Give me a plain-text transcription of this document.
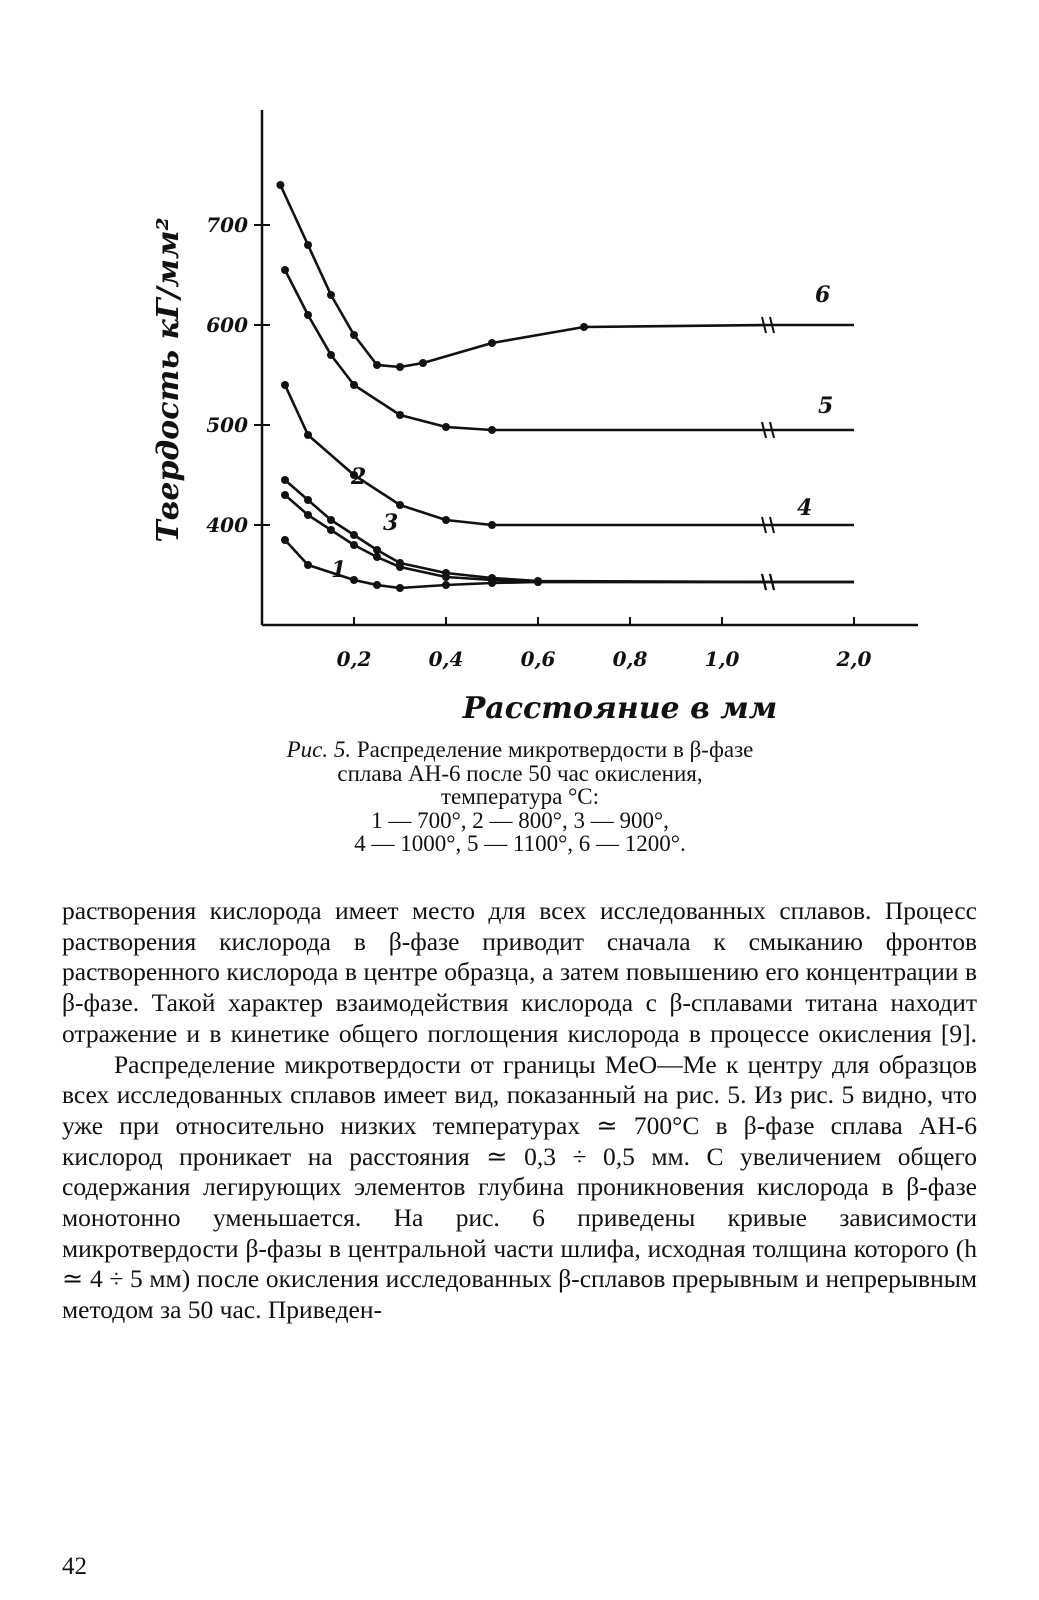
400
500
600
700
0,2	0,4	0,6	0,8	1,0	2,0
1
2
3
4
5
6
Расстояние в мм
Твердость кГ/мм²
Рис. 5. Распределение микротвердости в β-фазе
сплава АН-6 после 50 час окисления,
температура °С:
1 — 700°, 2 — 800°, 3 — 900°,
4 — 1000°, 5 — 1100°, 6 — 1200°.

растворения кислорода имеет место для всех исследованных сплавов. Процесс растворения кислорода в β-фазе приводит сначала к смыканию фронтов растворенного кислорода в центре образца, а затем повышению его концентрации в β-фазе. Такой характер взаимодействия кислорода с β-сплавами титана находит отражение и в кинетике общего поглощения кислорода в процессе окисления [9].

Распределение микротвердости от границы MeO—Me к центру для образцов всех исследованных сплавов имеет вид, показанный на рис. 5. Из рис. 5 видно, что уже при относительно низких температурах ≃ 700°С в β-фазе сплава АН-6 кислород проникает на расстояния ≃ 0,3 ÷ 0,5 мм. С увеличением общего содержания легирующих элементов глубина проникновения кислорода в β-фазе монотонно уменьшается. На рис. 6 приведены кривые зависимости микротвердости β-фазы в центральной части шлифа, исходная толщина которого (h ≃ 4 ÷ 5 мм) после окисления исследованных β-сплавов прерывным и непрерывным методом за 50 час. Приведен-

42
